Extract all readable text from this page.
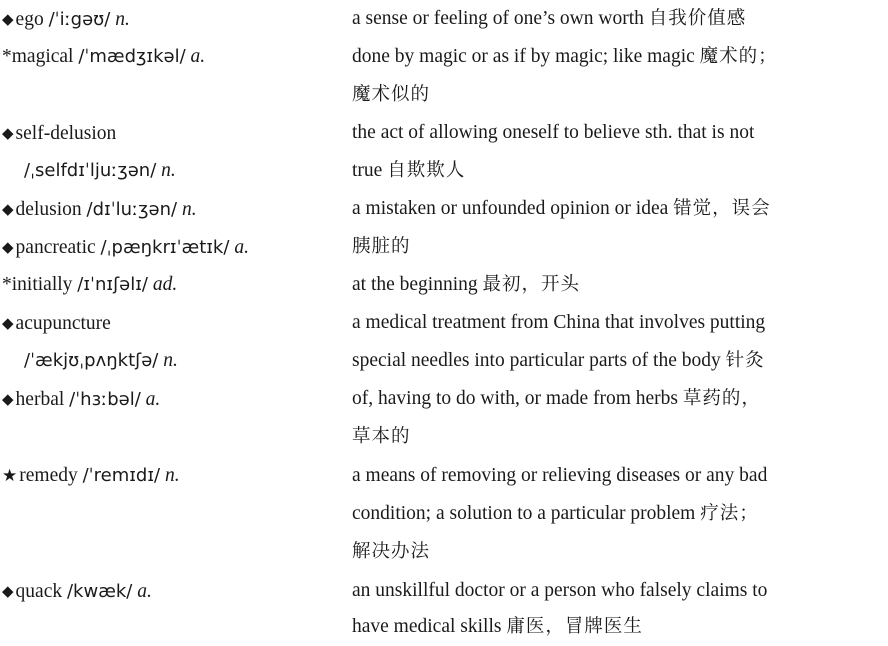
◆ ego /ˈiːgəʊ/ n.	a sense or feeling of one’s own worth 自我价值感
*magical /ˈmædʒɪkəl/ a.	done by magic or as if by magic; like magic 魔术的；
魔术似的
◆ self-delusion	the act of allowing oneself to believe sth. that is not
/ˌselfdɪˈljuːʒən/ n.	true 自欺欺人
◆ delusion /dɪˈluːʒən/ n.	a mistaken or unfounded opinion or idea 错觉，误会
◆ pancreatic /ˌpæŋkrɪˈætɪk/ a.	胰脏的
*initially /ɪˈnɪʃəlɪ/ ad.	at the beginning 最初，开头
◆ acupuncture	a medical treatment from China that involves putting
/ˈækjʊˌpʌŋktʃə/ n.	special needles into particular parts of the body 针灸
◆ herbal /ˈhɜːbəl/ a.	of, having to do with, or made from herbs 草药的，
草本的
★ remedy /ˈremɪdɪ/ n.	a means of removing or relieving diseases or any bad
condition; a solution to a particular problem 疗法；
解决办法
◆ quack /kwæk/ a.	an unskillful doctor or a person who falsely claims to
have medical skills 庸医，冒牌医生
